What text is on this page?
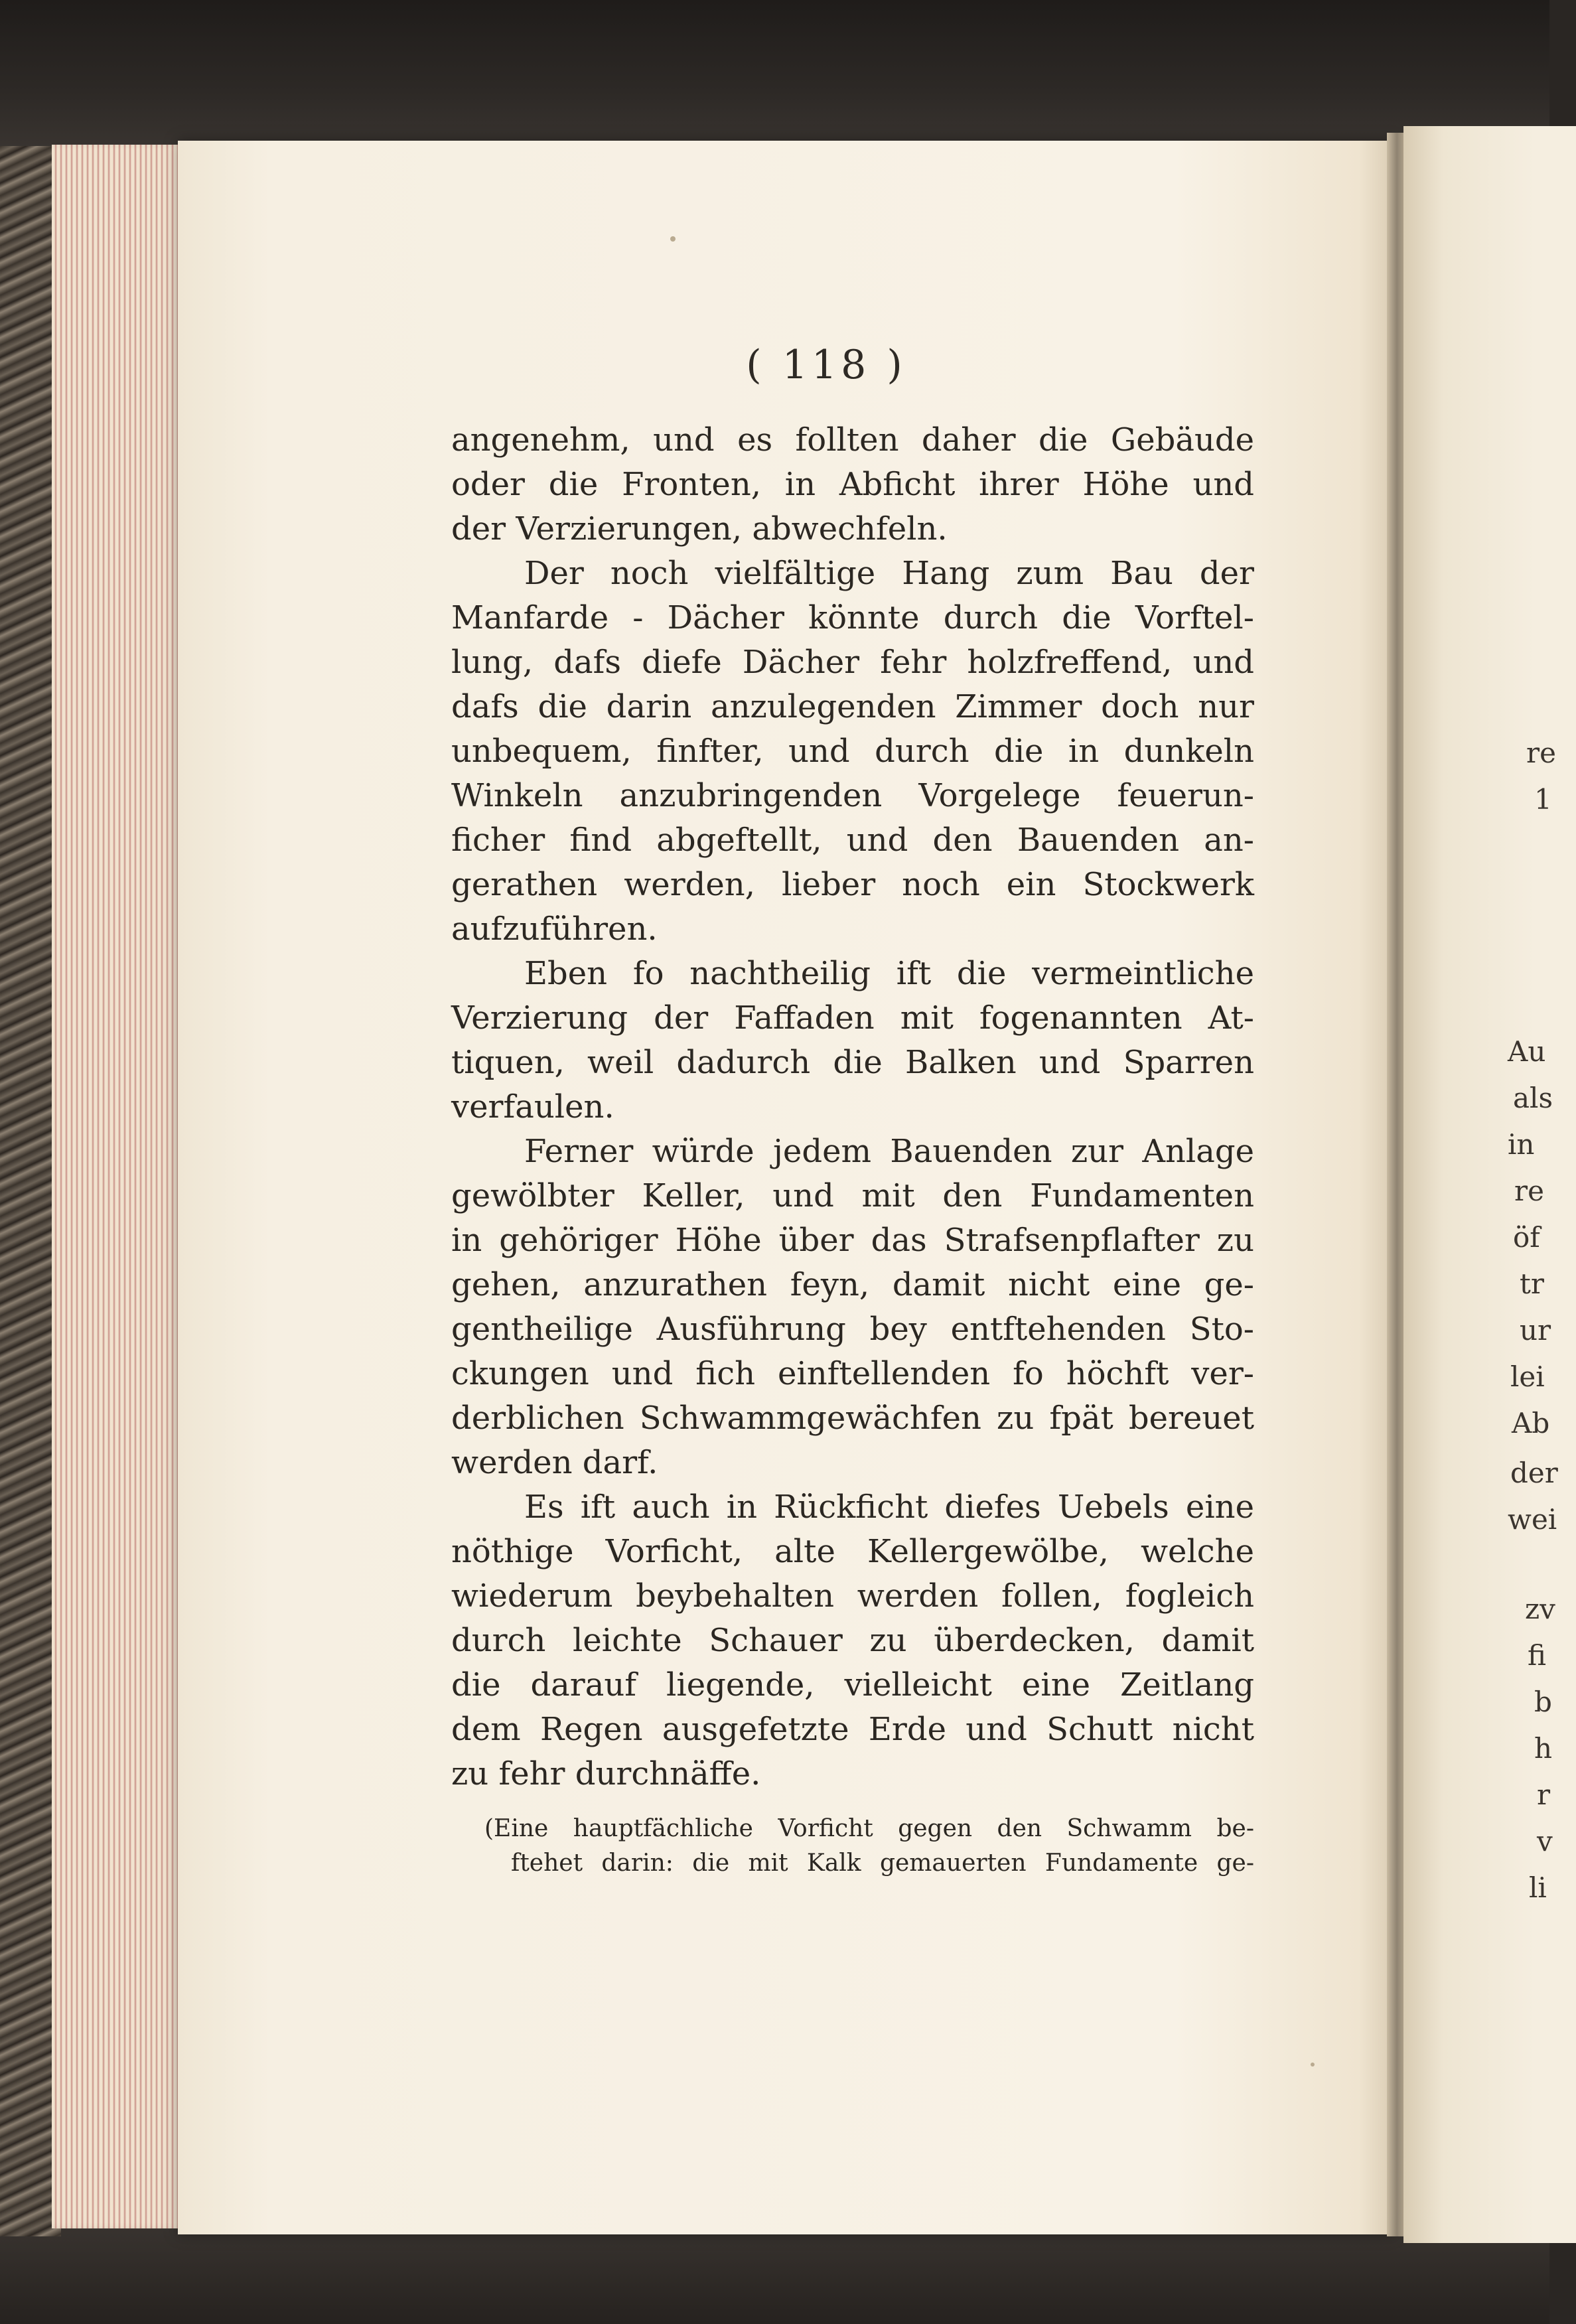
( 118 )
angenehm, und es follten daher die Gebäude
oder die Fronten, in Abficht ihrer Höhe und
der Verzierungen, abwechfeln.
Der noch vielfältige Hang zum Bau der
Manfarde - Dächer könnte durch die Vorftel-
lung, dafs diefe Dächer fehr holzfreffend, und
dafs die darin anzulegenden Zimmer doch nur
unbequem, finfter, und durch die in dunkeln
Winkeln anzubringenden Vorgelege feuerun-
ficher find abgeftellt, und den Bauenden an-
gerathen werden, lieber noch ein Stockwerk
aufzuführen.
Eben fo nachtheilig ift die vermeintliche
Verzierung der Faffaden mit fogenannten At-
tiquen, weil dadurch die Balken und Sparren
verfaulen.
Ferner würde jedem Bauenden zur Anlage
gewölbter Keller, und mit den Fundamenten
in gehöriger Höhe über das Strafsenpflafter zu
gehen, anzurathen feyn, damit nicht eine ge-
gentheilige Ausführung bey entftehenden Sto-
ckungen und fich einftellenden fo höchft ver-
derblichen Schwammgewächfen zu fpät bereuet
werden darf.
Es ift auch in Rückficht diefes Uebels eine
nöthige Vorficht, alte Kellergewölbe, welche
wiederum beybehalten werden follen, fogleich
durch leichte Schauer zu überdecken, damit
die darauf liegende, vielleicht eine Zeitlang
dem Regen ausgefetzte Erde und Schutt nicht
zu fehr durchnäffe.
(Eine hauptfächliche Vorficht gegen den Schwamm be-
ftehet darin: die mit Kalk gemauerten Fundamente ge-
re
1
Au
als
in
re
öf
tr
ur
lei
Ab
der
wei
zv
fi
b
h
r
v
li
